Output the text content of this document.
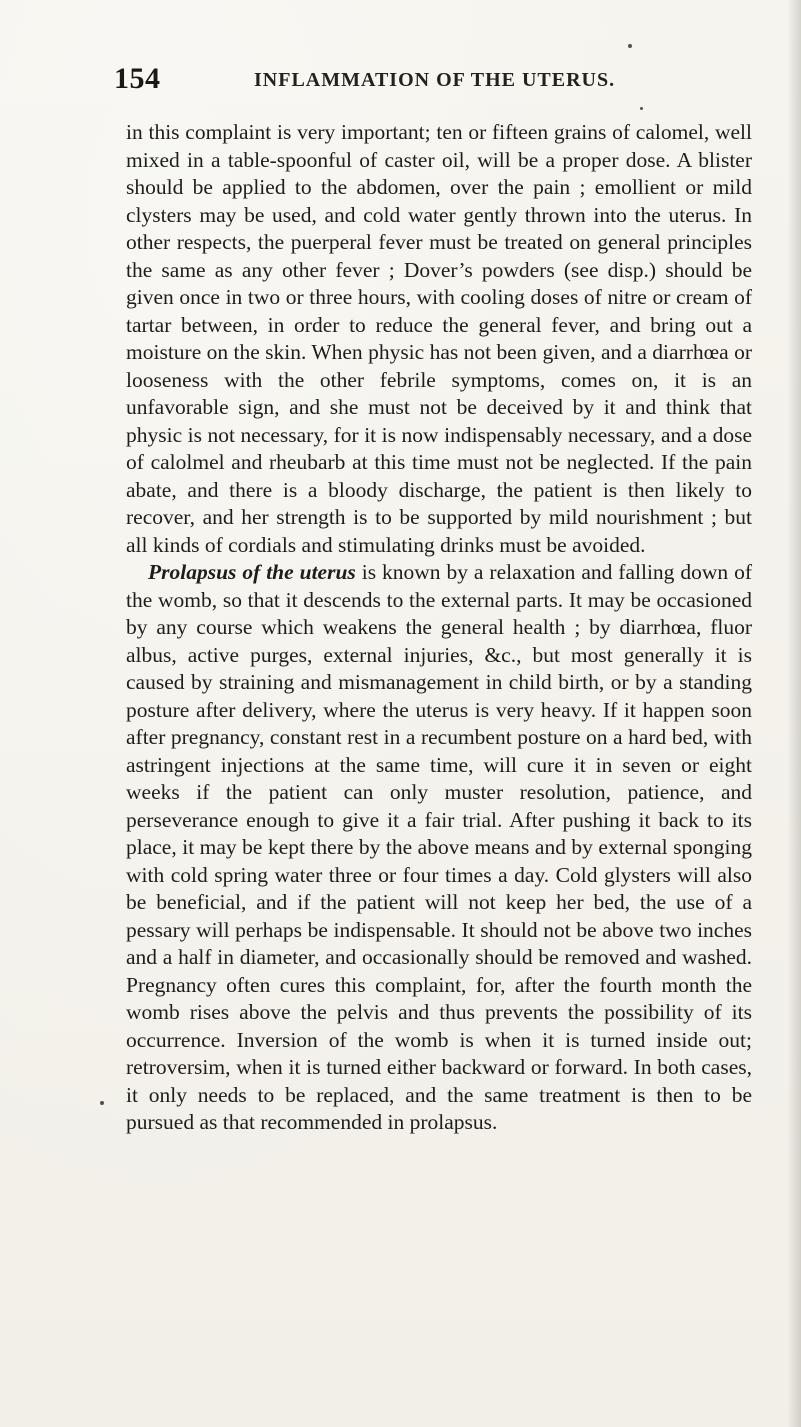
154	INFLAMMATION OF THE UTERUS.

in this complaint is very important; ten or fifteen grains of calomel, well mixed in a table-spoonful of caster oil, will be a proper dose. A blister should be applied to the abdomen, over the pain ; emollient or mild clysters may be used, and cold water gently thrown into the uterus. In other respects, the puerperal fever must be treated on general principles the same as any other fever ; Dover’s powders (see disp.) should be given once in two or three hours, with cooling doses of nitre or cream of tartar between, in order to reduce the general fever, and bring out a moisture on the skin. When physic has not been given, and a diarrhœa or looseness with the other febrile symptoms, comes on, it is an unfavorable sign, and she must not be deceived by it and think that physic is not necessary, for it is now indispensably necessary, and a dose of calolmel and rheubarb at this time must not be neglected. If the pain abate, and there is a bloody discharge, the patient is then likely to recover, and her strength is to be supported by mild nourishment ; but all kinds of cordials and stimulating drinks must be avoided.

Prolapsus of the uterus is known by a relaxation and falling down of the womb, so that it descends to the external parts. It may be occasioned by any course which weakens the general health ; by diarrhœa, fluor albus, active purges, external injuries, &c., but most generally it is caused by straining and mismanagement in child birth, or by a standing posture after delivery, where the uterus is very heavy. If it happen soon after pregnancy, constant rest in a recumbent posture on a hard bed, with astringent injections at the same time, will cure it in seven or eight weeks if the patient can only muster resolution, patience, and perseverance enough to give it a fair trial. After pushing it back to its place, it may be kept there by the above means and by external sponging with cold spring water three or four times a day. Cold glysters will also be beneficial, and if the patient will not keep her bed, the use of a pessary will perhaps be indispensable. It should not be above two inches and a half in diameter, and occasionally should be removed and washed. Pregnancy often cures this complaint, for, after the fourth month the womb rises above the pelvis and thus prevents the possibility of its occurrence. Inversion of the womb is when it is turned inside out; retroversim, when it is turned either backward or forward. In both cases, it only needs to be replaced, and the same treatment is then to be pursued as that recommended in prolapsus.
